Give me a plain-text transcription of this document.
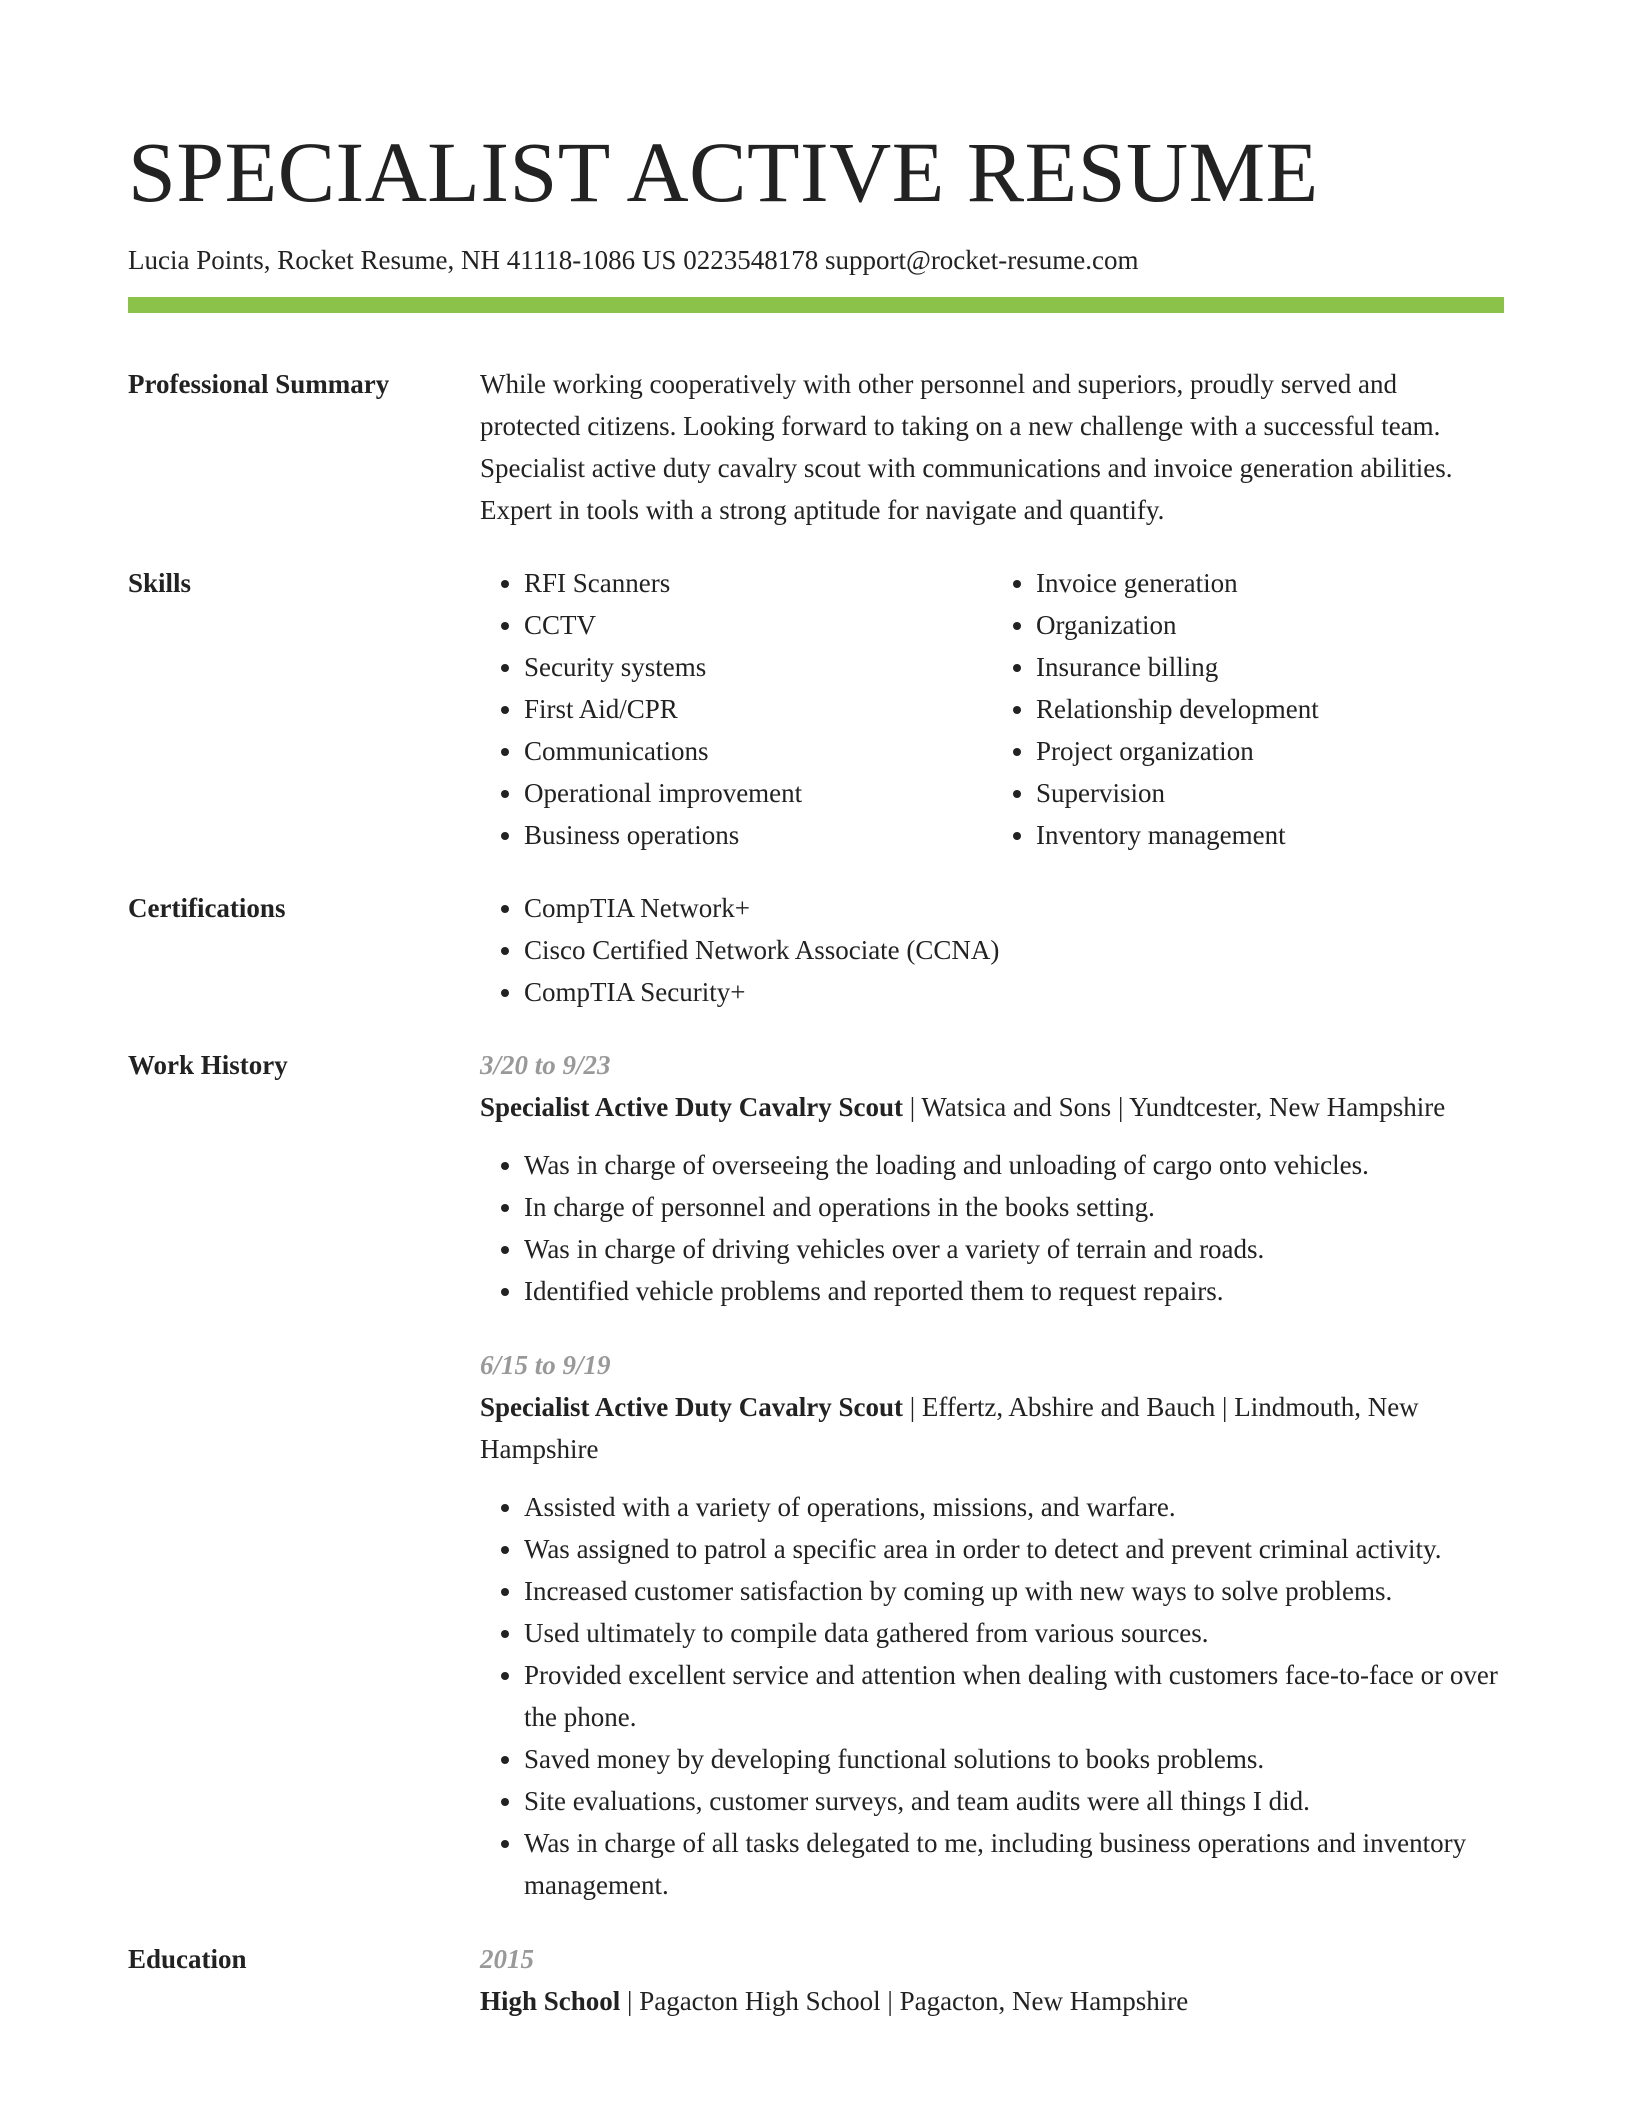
SPECIALIST ACTIVE RESUME
Lucia Points, Rocket Resume, NH 41118-1086 US 0223548178 support@rocket-resume.com
Professional Summary	While working cooperatively with other personnel and superiors, proudly served and protected citizens. Looking forward to taking on a new challenge with a successful team. Specialist active duty cavalry scout with communications and invoice generation abilities. Expert in tools with a strong aptitude for navigate and quantify.

Skills	• RFI Scanners
• CCTV
• Security systems
• First Aid/CPR
• Communications
• Operational improvement
• Business operations
• Invoice generation
• Organization
• Insurance billing
• Relationship development
• Project organization
• Supervision
• Inventory management
Certifications	• CompTIA Network+
• Cisco Certified Network Associate (CCNA)
• CompTIA Security+
Work History	3/20 to 9/23

Specialist Active Duty Cavalry Scout | Watsica and Sons | Yundtcester, New Hampshire

• Was in charge of overseeing the loading and unloading of cargo onto vehicles.
• In charge of personnel and operations in the books setting.
• Was in charge of driving vehicles over a variety of terrain and roads.
• Identified vehicle problems and reported them to request repairs.
6/15 to 9/19

Specialist Active Duty Cavalry Scout | Effertz, Abshire and Bauch | Lindmouth, New Hampshire

• Assisted with a variety of operations, missions, and warfare.
• Was assigned to patrol a specific area in order to detect and prevent criminal activity.
• Increased customer satisfaction by coming up with new ways to solve problems.
• Used ultimately to compile data gathered from various sources.
• Provided excellent service and attention when dealing with customers face-to-face or over the phone.
• Saved money by developing functional solutions to books problems.
• Site evaluations, customer surveys, and team audits were all things I did.
• Was in charge of all tasks delegated to me, including business operations and inventory management.
Education	2015

High School | Pagacton High School | Pagacton, New Hampshire
